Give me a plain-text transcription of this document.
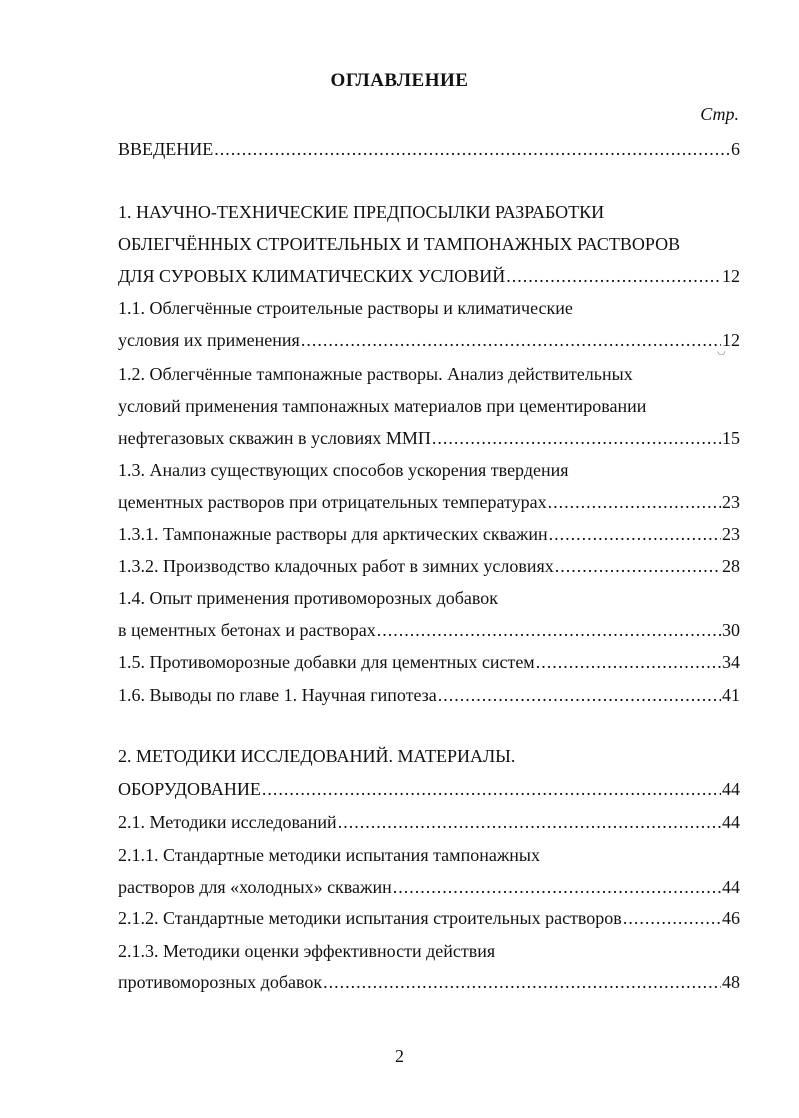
ОГЛАВЛЕНИЕ
Стр.
ВВЕДЕНИЕ .....	6
1. НАУЧНО-ТЕХНИЧЕСКИЕ ПРЕДПОСЫЛКИ РАЗРАБОТКИ
ОБЛЕГЧЁННЫХ СТРОИТЕЛЬНЫХ И ТАМПОНАЖНЫХ РАСТВОРОВ
ДЛЯ СУРОВЫХ КЛИМАТИЧЕСКИХ УСЛОВИЙ .....	12
1.1. Облегчённые строительные растворы и климатические
условия их применения .....	12
◡
1.2. Облегчённые тампонажные растворы. Анализ действительных
условий применения тампонажных материалов при цементировании
нефтегазовых скважин в условиях ММП .....	15
1.3. Анализ существующих способов ускорения твердения
цементных растворов при отрицательных температурах .....	23
1.3.1. Тампонажные растворы для арктических скважин .....	23
1.3.2. Производство кладочных работ в зимних условиях .....	28
1.4. Опыт применения противоморозных добавок
в цементных бетонах и растворах .....	30
1.5. Противоморозные добавки для цементных систем .....	34
1.6. Выводы по главе 1. Научная гипотеза .....	41
2. МЕТОДИКИ ИССЛЕДОВАНИЙ. МАТЕРИАЛЫ.
ОБОРУДОВАНИЕ .....	44
2.1. Методики исследований .....	44
2.1.1. Стандартные методики испытания тампонажных
растворов для «холодных» скважин .....	44
2.1.2. Стандартные методики испытания строительных растворов .....	46
2.1.3. Методики оценки эффективности действия
противоморозных добавок .....	48
2
